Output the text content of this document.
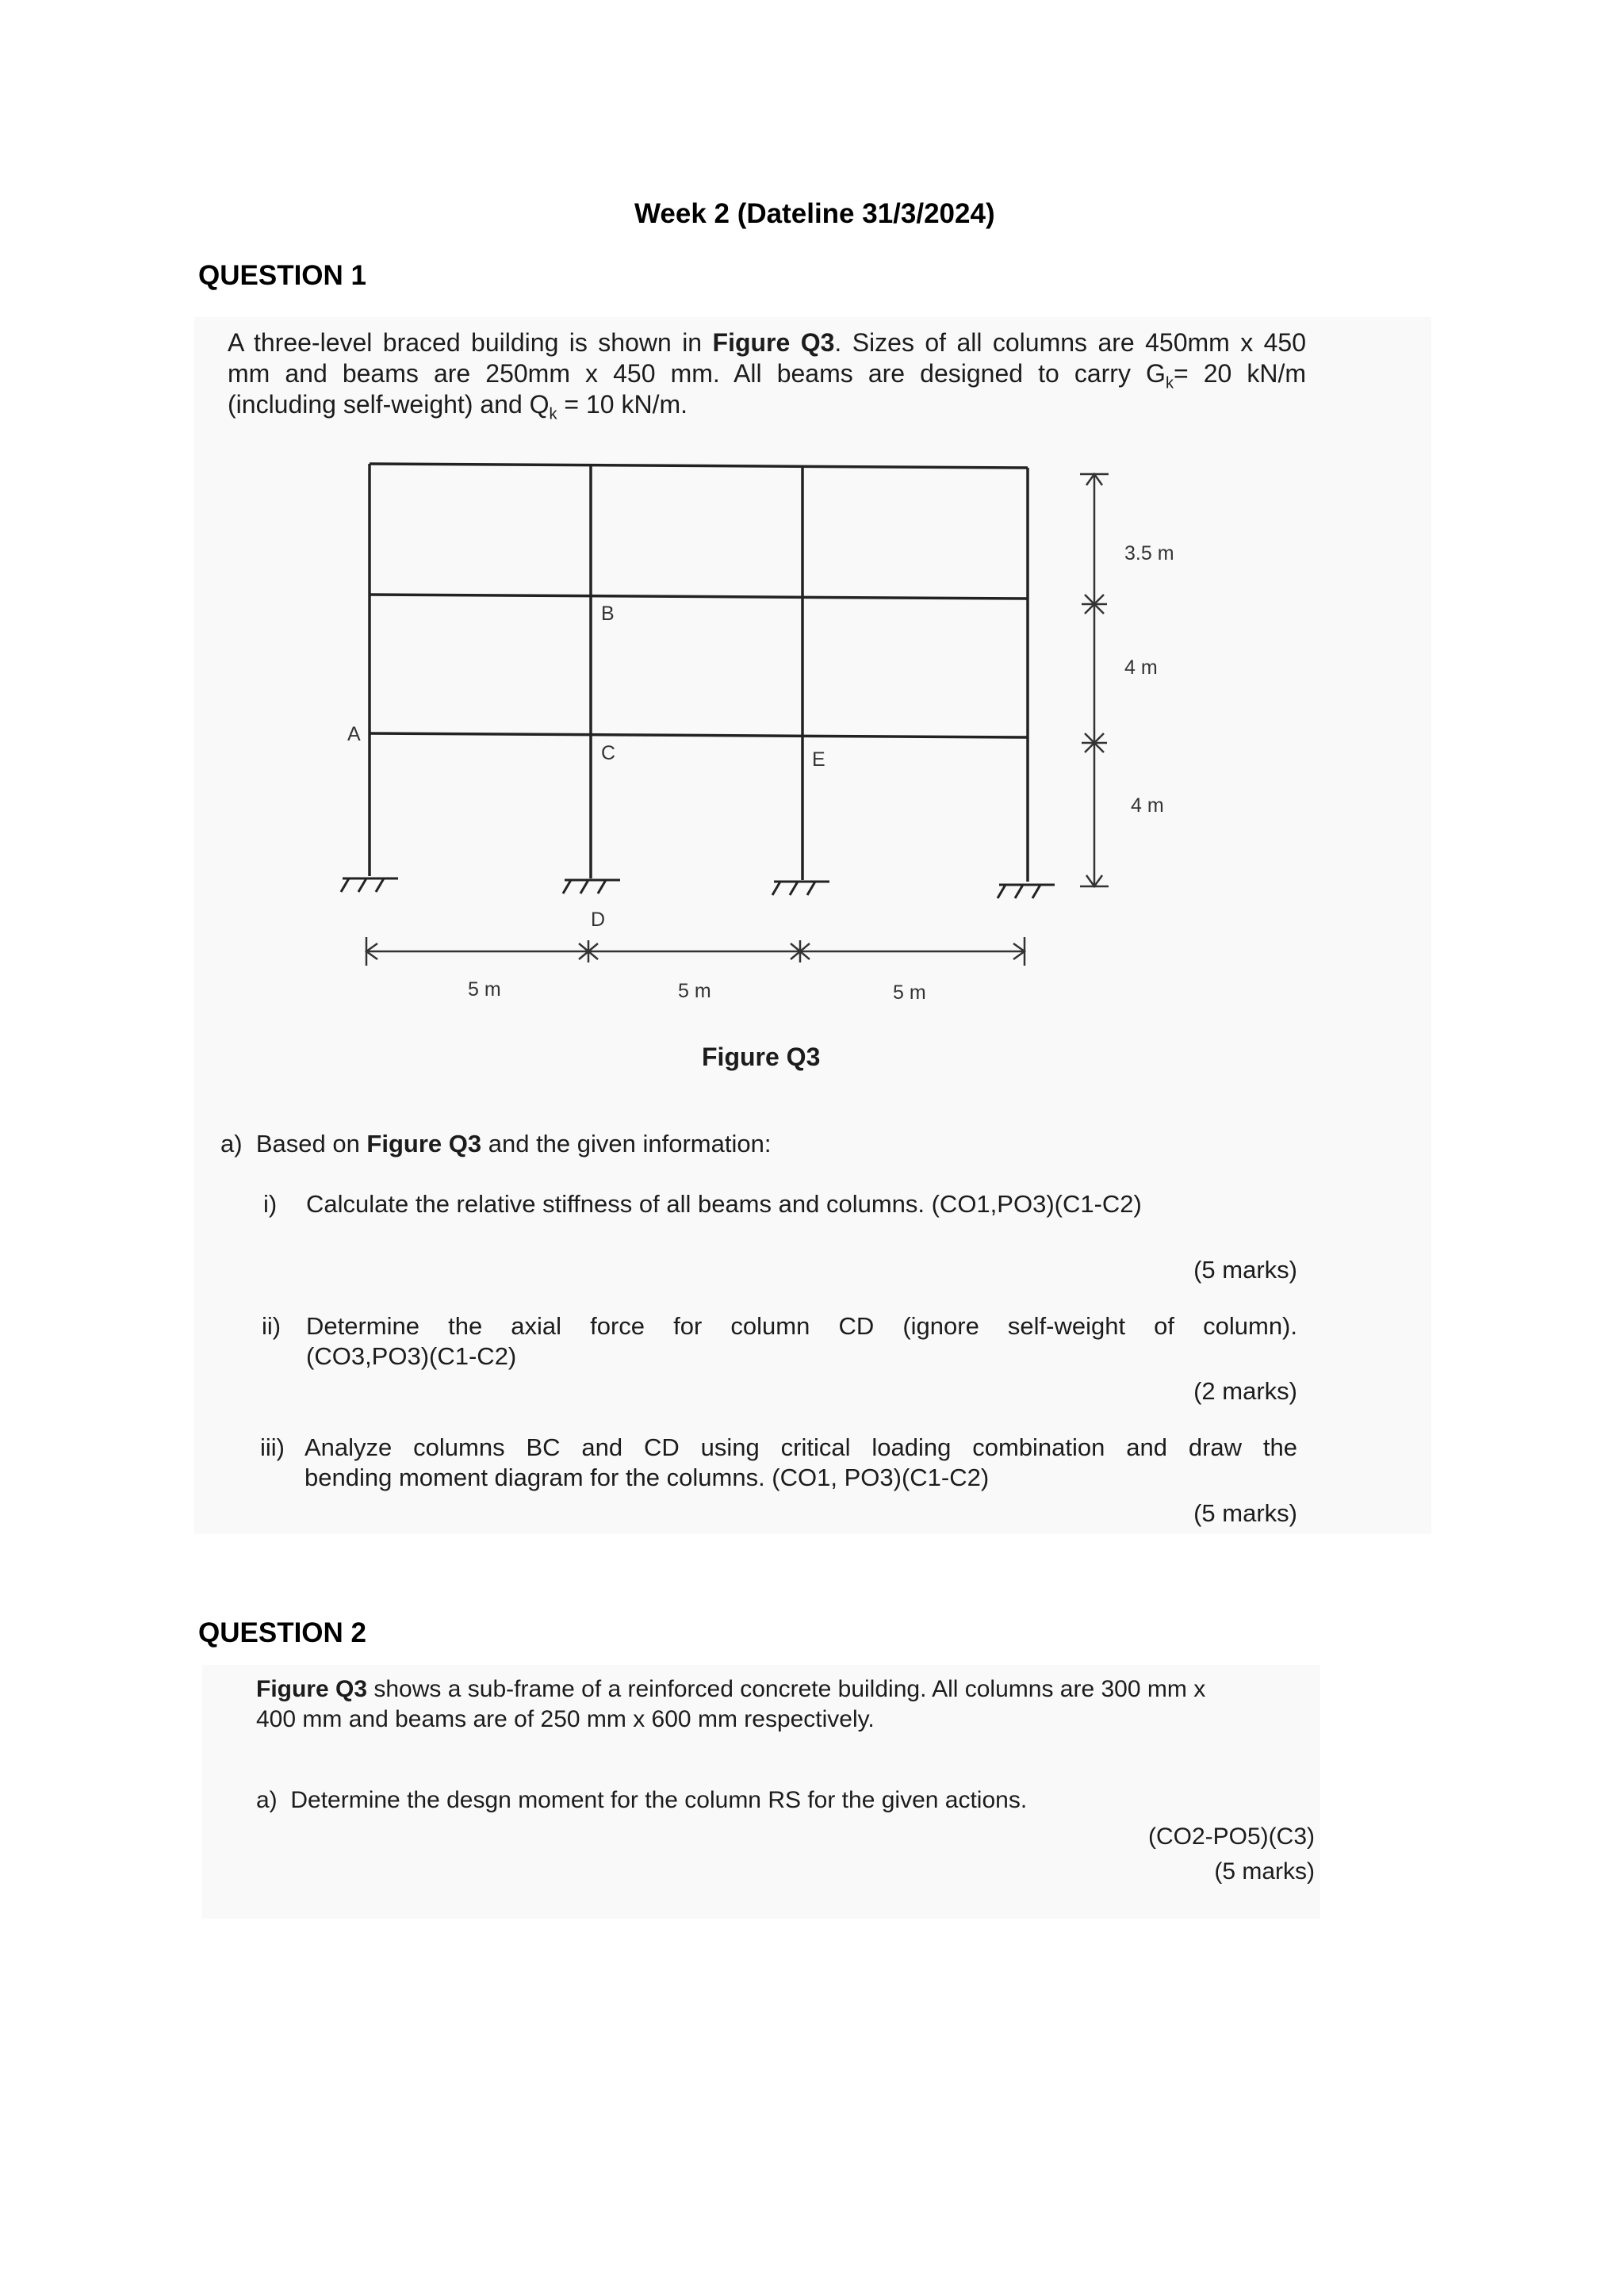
Week 2 (Dateline 31/3/2024)
QUESTION 1
A three-level braced building is shown in Figure Q3. Sizes of all columns are 450mm x 450
mm and beams are 250mm x 450 mm. All beams are designed to carry $G_k= 20$ kN/m
(including self-weight) and $Q_k = 10$ kN/m.
A
B
C	E
D
3.5 m
4 m
4 m
5 m	5 m	5 m
Figure Q3
a) Based on Figure Q3 and the given information:
i) Calculate the relative stiffness of all beams and columns. (CO1,PO3)(C1-C2)
(5 marks)
ii) Determine the axial force for column CD (ignore self-weight of column).
(CO3,PO3)(C1-C2)
(2 marks)
iii) Analyze columns BC and CD using critical loading combination and draw the
bending moment diagram for the columns. (CO1, PO3)(C1-C2)
(5 marks)
QUESTION 2
Figure Q3 shows a sub-frame of a reinforced concrete building. All columns are 300 mm x
400 mm and beams are of 250 mm x 600 mm respectively.
a) Determine the desgn moment for the column RS for the given actions.
(CO2-PO5)(C3)
(5 marks)
